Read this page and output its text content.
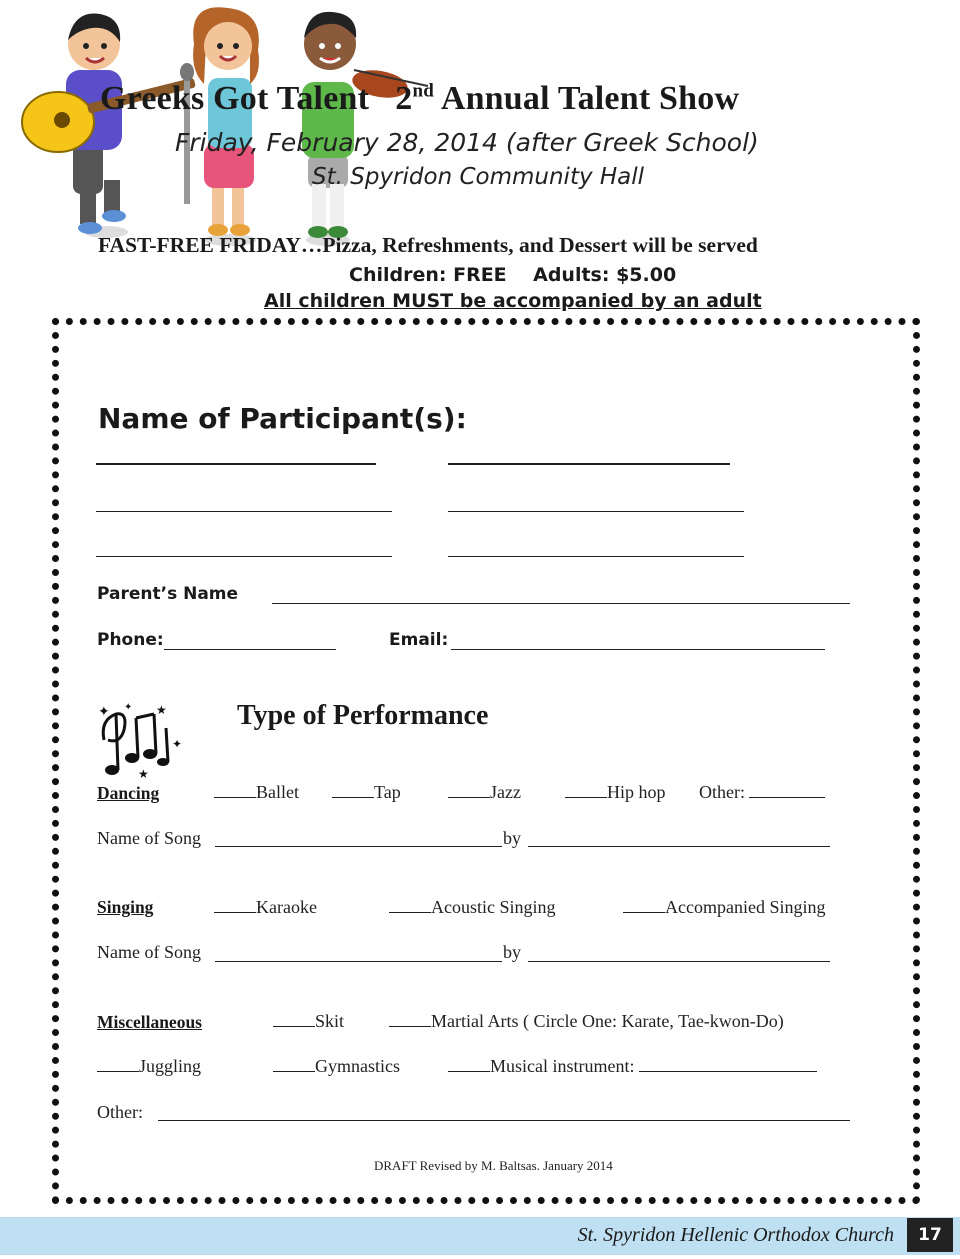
Greeks Got Talent 2nd Annual Talent Show
Friday, February 28, 2014 (after Greek School)
St. Spyridon Community Hall
FAST-FREE FRIDAY…Pizza, Refreshments, and Dessert will be served
Children: FREE    Adults: $5.00
All children MUST be accompanied by an adult
Name of Participant(s):
Parent’s Name
Phone:	Email:
✦	★
✦
★
✦	Type of Performance
Dancing	Ballet	Tap	Jazz	Hip hop Other:
Name of Song	by
Singing	Karaoke	Acoustic Singing	Accompanied Singing
Name of Song	by
Miscellaneous	Skit	Martial Arts ( Circle One: Karate, Tae-kwon-Do)
Juggling	Gymnastics	Musical instrument:
Other:
DRAFT Revised by M. Baltsas. January 2014
St. Spyridon Hellenic Orthodox Church	17
